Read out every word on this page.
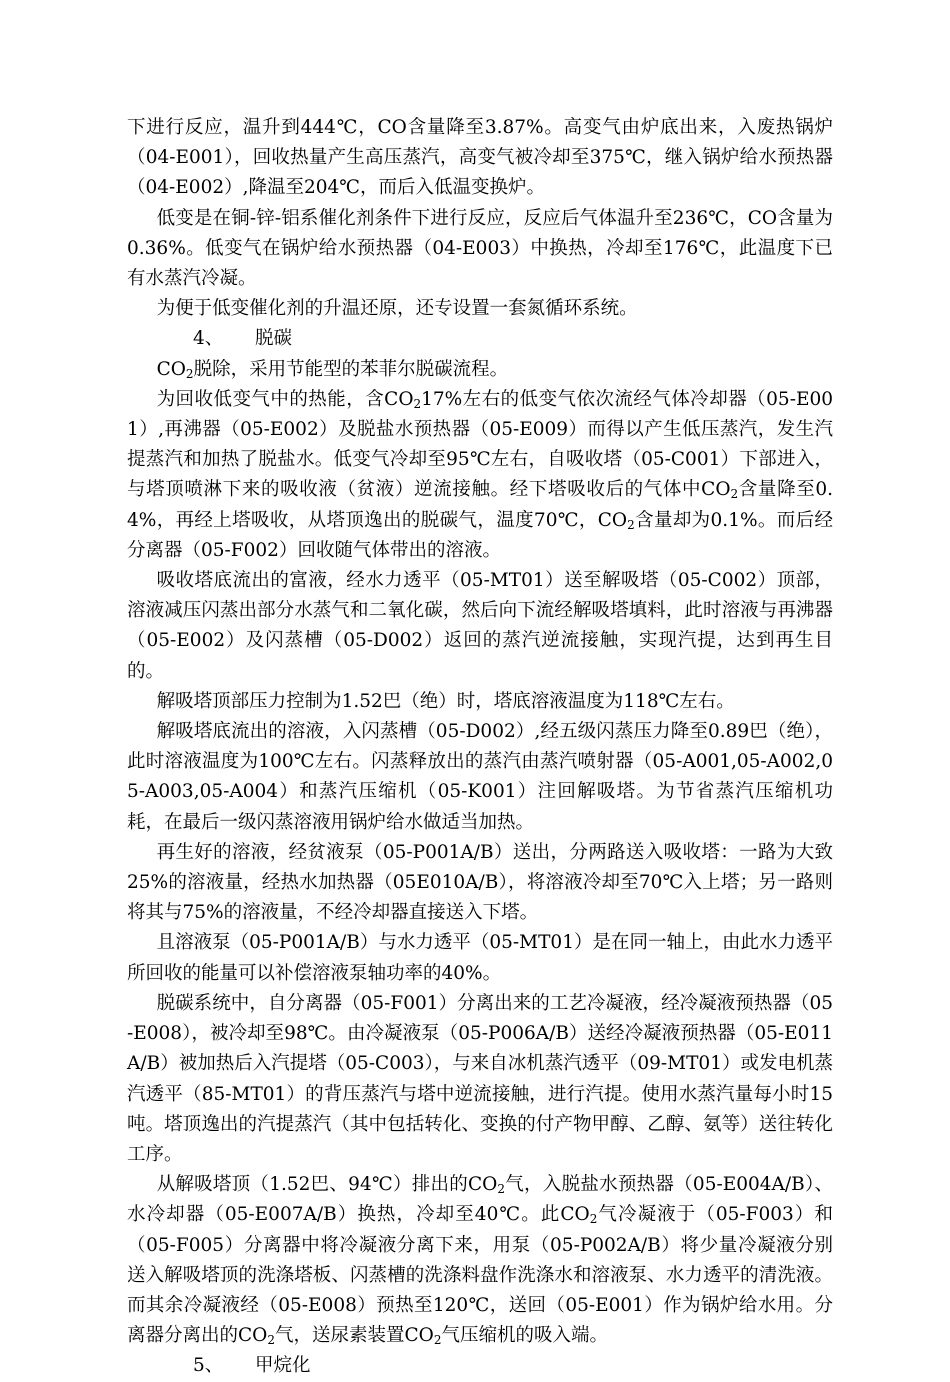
下进行反应，温升到444℃，CO含量降至3.87%。高变气由炉底出来，入废热锅炉（04-E001），回收热量产生高压蒸汽，高变气被冷却至375℃，继入锅炉给水预热器（04-E002）,降温至204℃，而后入低温变换炉。

低变是在铜-锌-铝系催化剂条件下进行反应，反应后气体温升至236℃，CO含量为0.36%。低变气在锅炉给水预热器（04-E003）中换热，冷却至176℃，此温度下已有水蒸汽冷凝。

为便于低变催化剂的升温还原，还专设置一套氮循环系统。

4、 脱碳

$CO_2$脱除，采用节能型的苯菲尔脱碳流程。

为回收低变气中的热能，含$CO_217\%$左右的低变气依次流经气体冷却器（05-E001）,再沸器（05-E002）及脱盐水预热器（05-E009）而得以产生低压蒸汽，发生汽提蒸汽和加热了脱盐水。低变气冷却至95℃左右，自吸收塔（05-C001）下部进入，与塔顶喷淋下来的吸收液（贫液）逆流接触。经下塔吸收后的气体中$CO_2$含量降至0.4%，再经上塔吸收，从塔顶逸出的脱碳气，温度70℃，$CO_2$含量却为0.1%。而后经分离器（05-F002）回收随气体带出的溶液。

吸收塔底流出的富液，经水力透平（05-MT01）送至解吸塔（05-C002）顶部，溶液减压闪蒸出部分水蒸气和二氧化碳，然后向下流经解吸塔填料，此时溶液与再沸器（05-E002）及闪蒸槽（05-D002）返回的蒸汽逆流接触，实现汽提，达到再生目的。

解吸塔顶部压力控制为1.52巴（绝）时，塔底溶液温度为118℃左右。

解吸塔底流出的溶液，入闪蒸槽（05-D002）,经五级闪蒸压力降至0.89巴（绝），此时溶液温度为100℃左右。闪蒸释放出的蒸汽由蒸汽喷射器（05-A001,05-A002,05-A003,05-A004）和蒸汽压缩机（05-K001）注回解吸塔。为节省蒸汽压缩机功耗，在最后一级闪蒸溶液用锅炉给水做适当加热。

再生好的溶液，经贫液泵（05-P001A/B）送出，分两路送入吸收塔：一路为大致25%的溶液量，经热水加热器（05E010A/B），将溶液冷却至70℃入上塔；另一路则将其与75%的溶液量，不经冷却器直接送入下塔。

且溶液泵（05-P001A/B）与水力透平（05-MT01）是在同一轴上，由此水力透平所回收的能量可以补偿溶液泵轴功率的40%。

脱碳系统中，自分离器（05-F001）分离出来的工艺冷凝液，经冷凝液预热器（05-E008），被冷却至98℃。由冷凝液泵（05-P006A/B）送经冷凝液预热器（05-E011A/B）被加热后入汽提塔（05-C003），与来自冰机蒸汽透平（09-MT01）或发电机蒸汽透平（85-MT01）的背压蒸汽与塔中逆流接触，进行汽提。使用水蒸汽量每小时15吨。塔顶逸出的汽提蒸汽（其中包括转化、变换的付产物甲醇、乙醇、氨等）送往转化工序。

从解吸塔顶（1.52巴、94℃）排出的$CO_2$气，入脱盐水预热器（05-E004A/B）、水冷却器（05-E007A/B）换热，冷却至40℃。此$CO_2$气冷凝液于（05-F003）和（05-F005）分离器中将冷凝液分离下来，用泵（05-P002A/B）将少量冷凝液分别送入解吸塔顶的洗涤塔板、闪蒸槽的洗涤料盘作洗涤水和溶液泵、水力透平的清洗液。而其余冷凝液经（05-E008）预热至120℃，送回（05-E001）作为锅炉给水用。分离器分离出的$CO_2$气，送尿素装置$CO_2$气压缩机的吸入端。

5、 甲烷化
